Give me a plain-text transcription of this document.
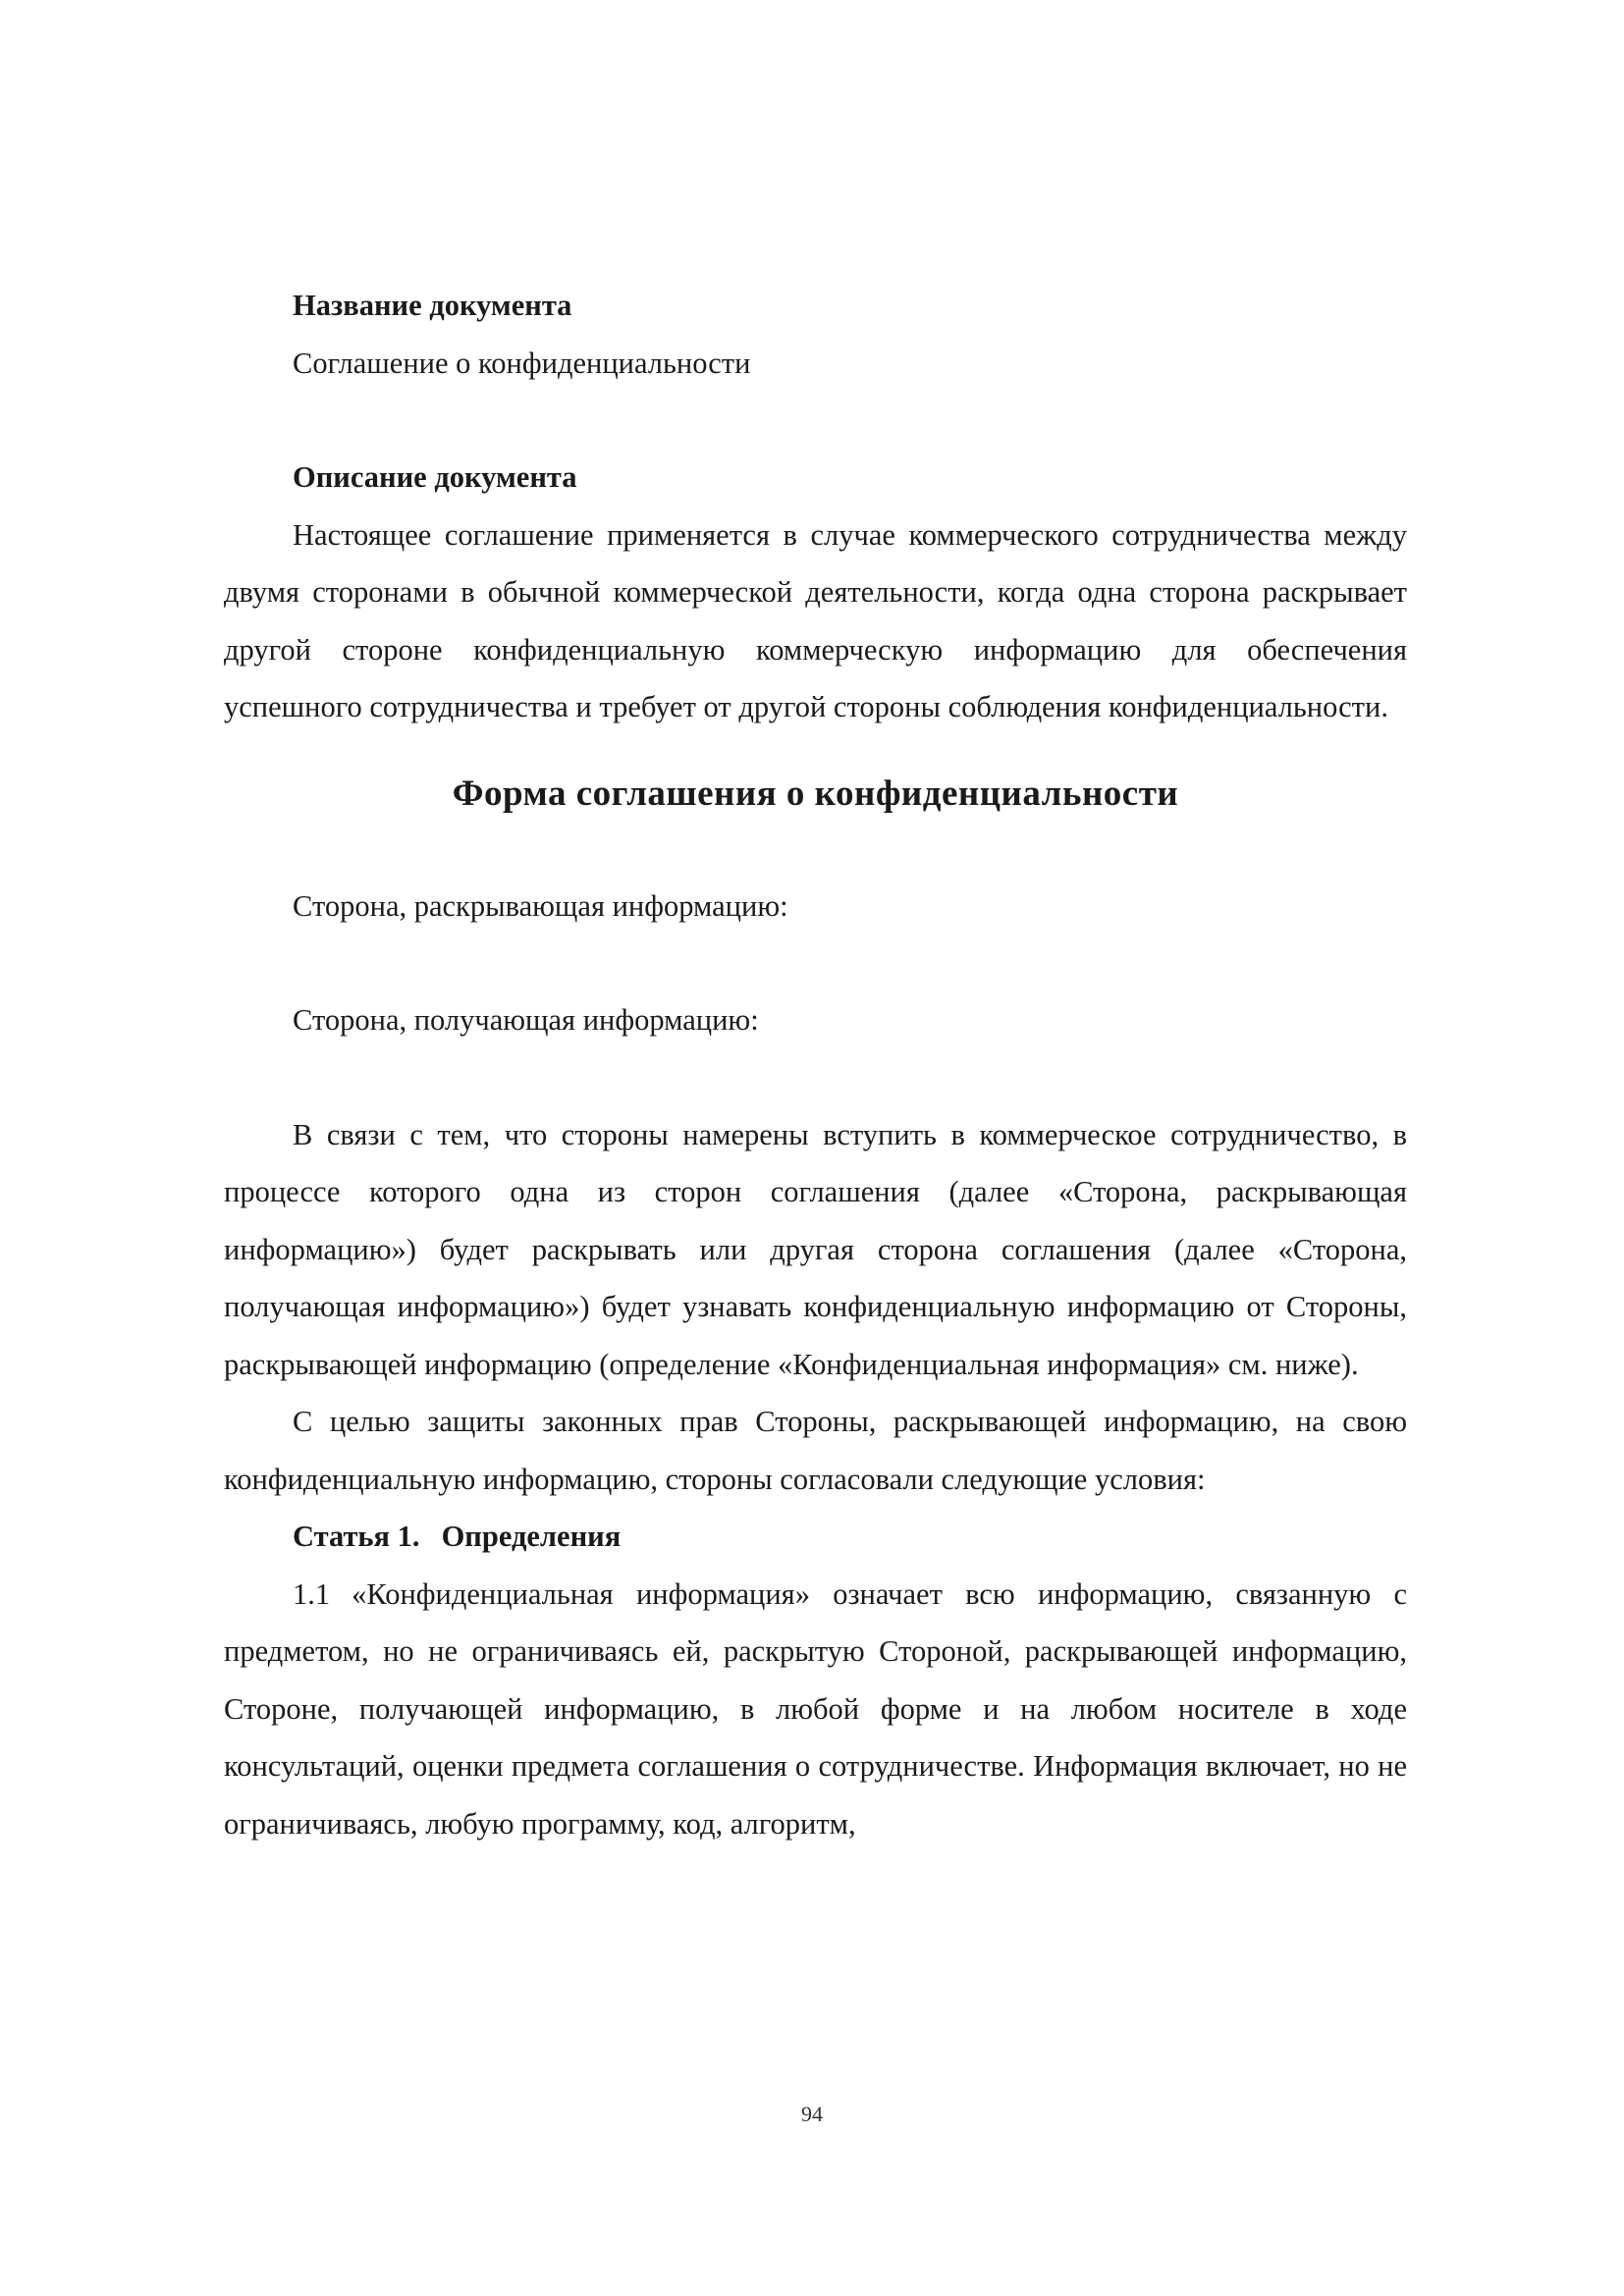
Название документа

Соглашение о конфиденциальности

Описание документа

Настоящее соглашение применяется в случае коммерческого сотрудничества между двумя сторонами в обычной коммерческой деятельности, когда одна сторона раскрывает другой стороне конфиденциальную коммерческую информацию для обеспечения успешного сотрудничества и требует от другой стороны соблюдения конфиденциальности.

Форма соглашения о конфиденциальности

Сторона, раскрывающая информацию:

Сторона, получающая информацию:

В связи с тем, что стороны намерены вступить в коммерческое сотрудничество, в процессе которого одна из сторон соглашения (далее «Сторона, раскрывающая информацию») будет раскрывать или другая сторона соглашения (далее «Сторона, получающая информацию») будет узнавать конфиденциальную информацию от Стороны, раскрывающей информацию (определение «Конфиденциальная информация» см. ниже).

С целью защиты законных прав Стороны, раскрывающей информацию, на свою конфиденциальную информацию, стороны согласовали следующие условия:

Статья 1. Определения

1.1 «Конфиденциальная информация» означает всю информацию, связанную с предметом, но не ограничиваясь ей, раскрытую Стороной, раскрывающей информацию, Стороне, получающей информацию, в любой форме и на любом носителе в ходе консультаций, оценки предмета соглашения о сотрудничестве. Информация включает, но не ограничиваясь, любую программу, код, алгоритм,

94
